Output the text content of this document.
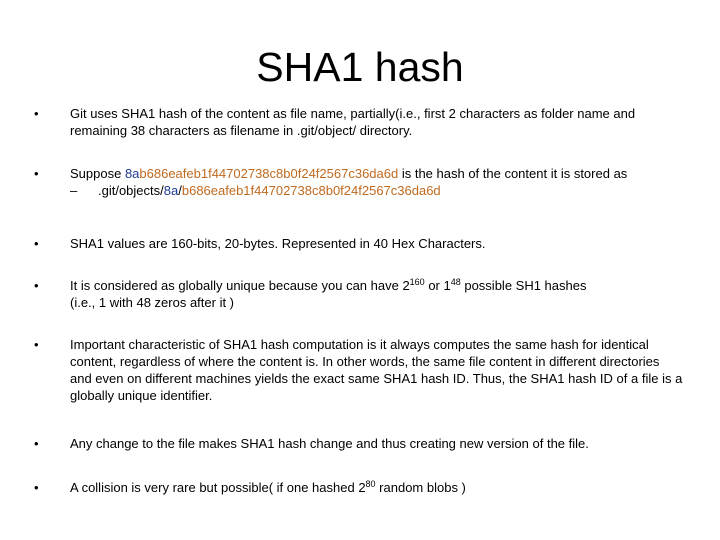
SHA1 hash
•	Git uses SHA1 hash of the content as file name, partially(i.e., first 2 characters as folder name and remaining 38 characters as filename in .git/object/ directory.
•	Suppose 8ab686eafeb1f44702738c8b0f24f2567c36da6d is the hash of the content it is stored as
– .git/objects/8a/b686eafeb1f44702738c8b0f24f2567c36da6d
•	SHA1 values are 160-bits, 20-bytes. Represented in 40 Hex Characters.
•	It is considered as globally unique because you can have $2^{160}$ or $1^{48}$ possible SH1 hashes
(i.e., 1 with 48 zeros after it )
•	Important characteristic of SHA1 hash computation is it always computes the same hash for identical content, regardless of where the content is. In other words, the same file content in different directories and even on different machines yields the exact same SHA1 hash ID. Thus, the SHA1 hash ID of a file is a globally unique identifier.
•	Any change to the file makes SHA1 hash change and thus creating new version of the file.
•	A collision is very rare but possible( if one hashed $2^{80}$ random blobs )
